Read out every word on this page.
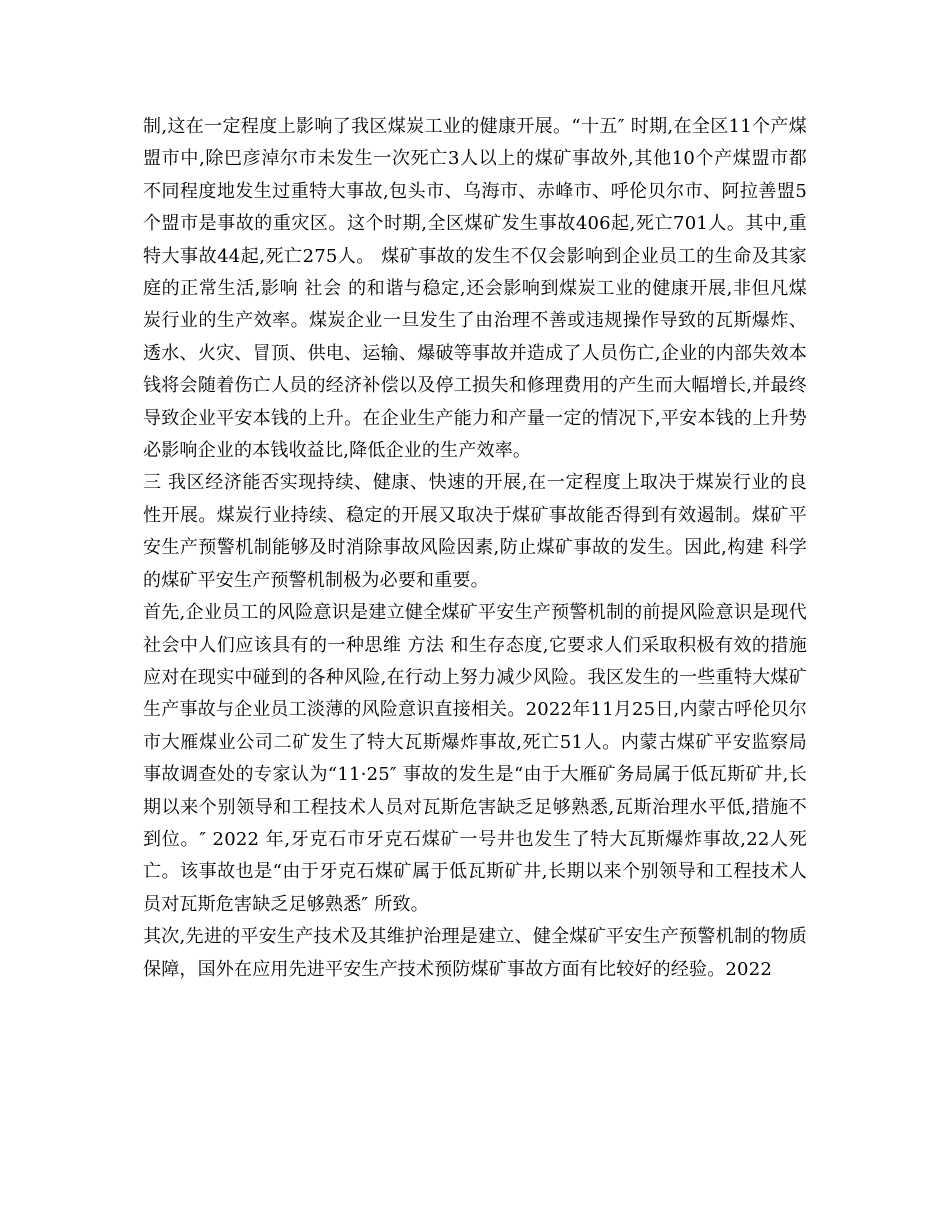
制,这在一定程度上影响了我区煤炭工业的健康开展。“十五″ 时期,在全区11个产煤盟市中,除巴彦淖尔市未发生一次死亡3人以上的煤矿事故外,其他10个产煤盟市都不同程度地发生过重特大事故,包头市、乌海市、赤峰市、呼伦贝尔市、阿拉善盟5个盟市是事故的重灾区。这个时期,全区煤矿发生事故406起,死亡701人。其中,重特大事故44起,死亡275人。 煤矿事故的发生不仅会影响到企业员工的生命及其家庭的正常生活,影响 社会 的和谐与稳定,还会影响到煤炭工业的健康开展,非但凡煤炭行业的生产效率。煤炭企业一旦发生了由治理不善或违规操作导致的瓦斯爆炸、透水、火灾、冒顶、供电、运输、爆破等事故并造成了人员伤亡,企业的内部失效本钱将会随着伤亡人员的经济补偿以及停工损失和修理费用的产生而大幅增长,并最终导致企业平安本钱的上升。在企业生产能力和产量一定的情况下,平安本钱的上升势必影响企业的本钱收益比,降低企业的生产效率。

三 我区经济能否实现持续、健康、快速的开展,在一定程度上取决于煤炭行业的良性开展。煤炭行业持续、稳定的开展又取决于煤矿事故能否得到有效遏制。煤矿平安生产预警机制能够及时消除事故风险因素,防止煤矿事故的发生。因此,构建 科学 的煤矿平安生产预警机制极为必要和重要。

首先,企业员工的风险意识是建立健全煤矿平安生产预警机制的前提风险意识是现代 社会中人们应该具有的一种思维 方法 和生存态度,它要求人们采取积极有效的措施应对在现实中碰到的各种风险,在行动上努力减少风险。我区发生的一些重特大煤矿生产事故与企业员工淡薄的风险意识直接相关。2022年11月25日,内蒙古呼伦贝尔市大雁煤业公司二矿发生了特大瓦斯爆炸事故,死亡51人。内蒙古煤矿平安监察局事故调查处的专家认为“11·25″ 事故的发生是“由于大雁矿务局属于低瓦斯矿井,长期以来个别领导和工程技术人员对瓦斯危害缺乏足够熟悉,瓦斯治理水平低,措施不到位。″ 2022 年,牙克石市牙克石煤矿一号井也发生了特大瓦斯爆炸事故,22人死亡。该事故也是“由于牙克石煤矿属于低瓦斯矿井,长期以来个别领导和工程技术人员对瓦斯危害缺乏足够熟悉″ 所致。

其次,先进的平安生产技术及其维护治理是建立、健全煤矿平安生产预警机制的物质保障，国外在应用先进平安生产技术预防煤矿事故方面有比较好的经验。2022
